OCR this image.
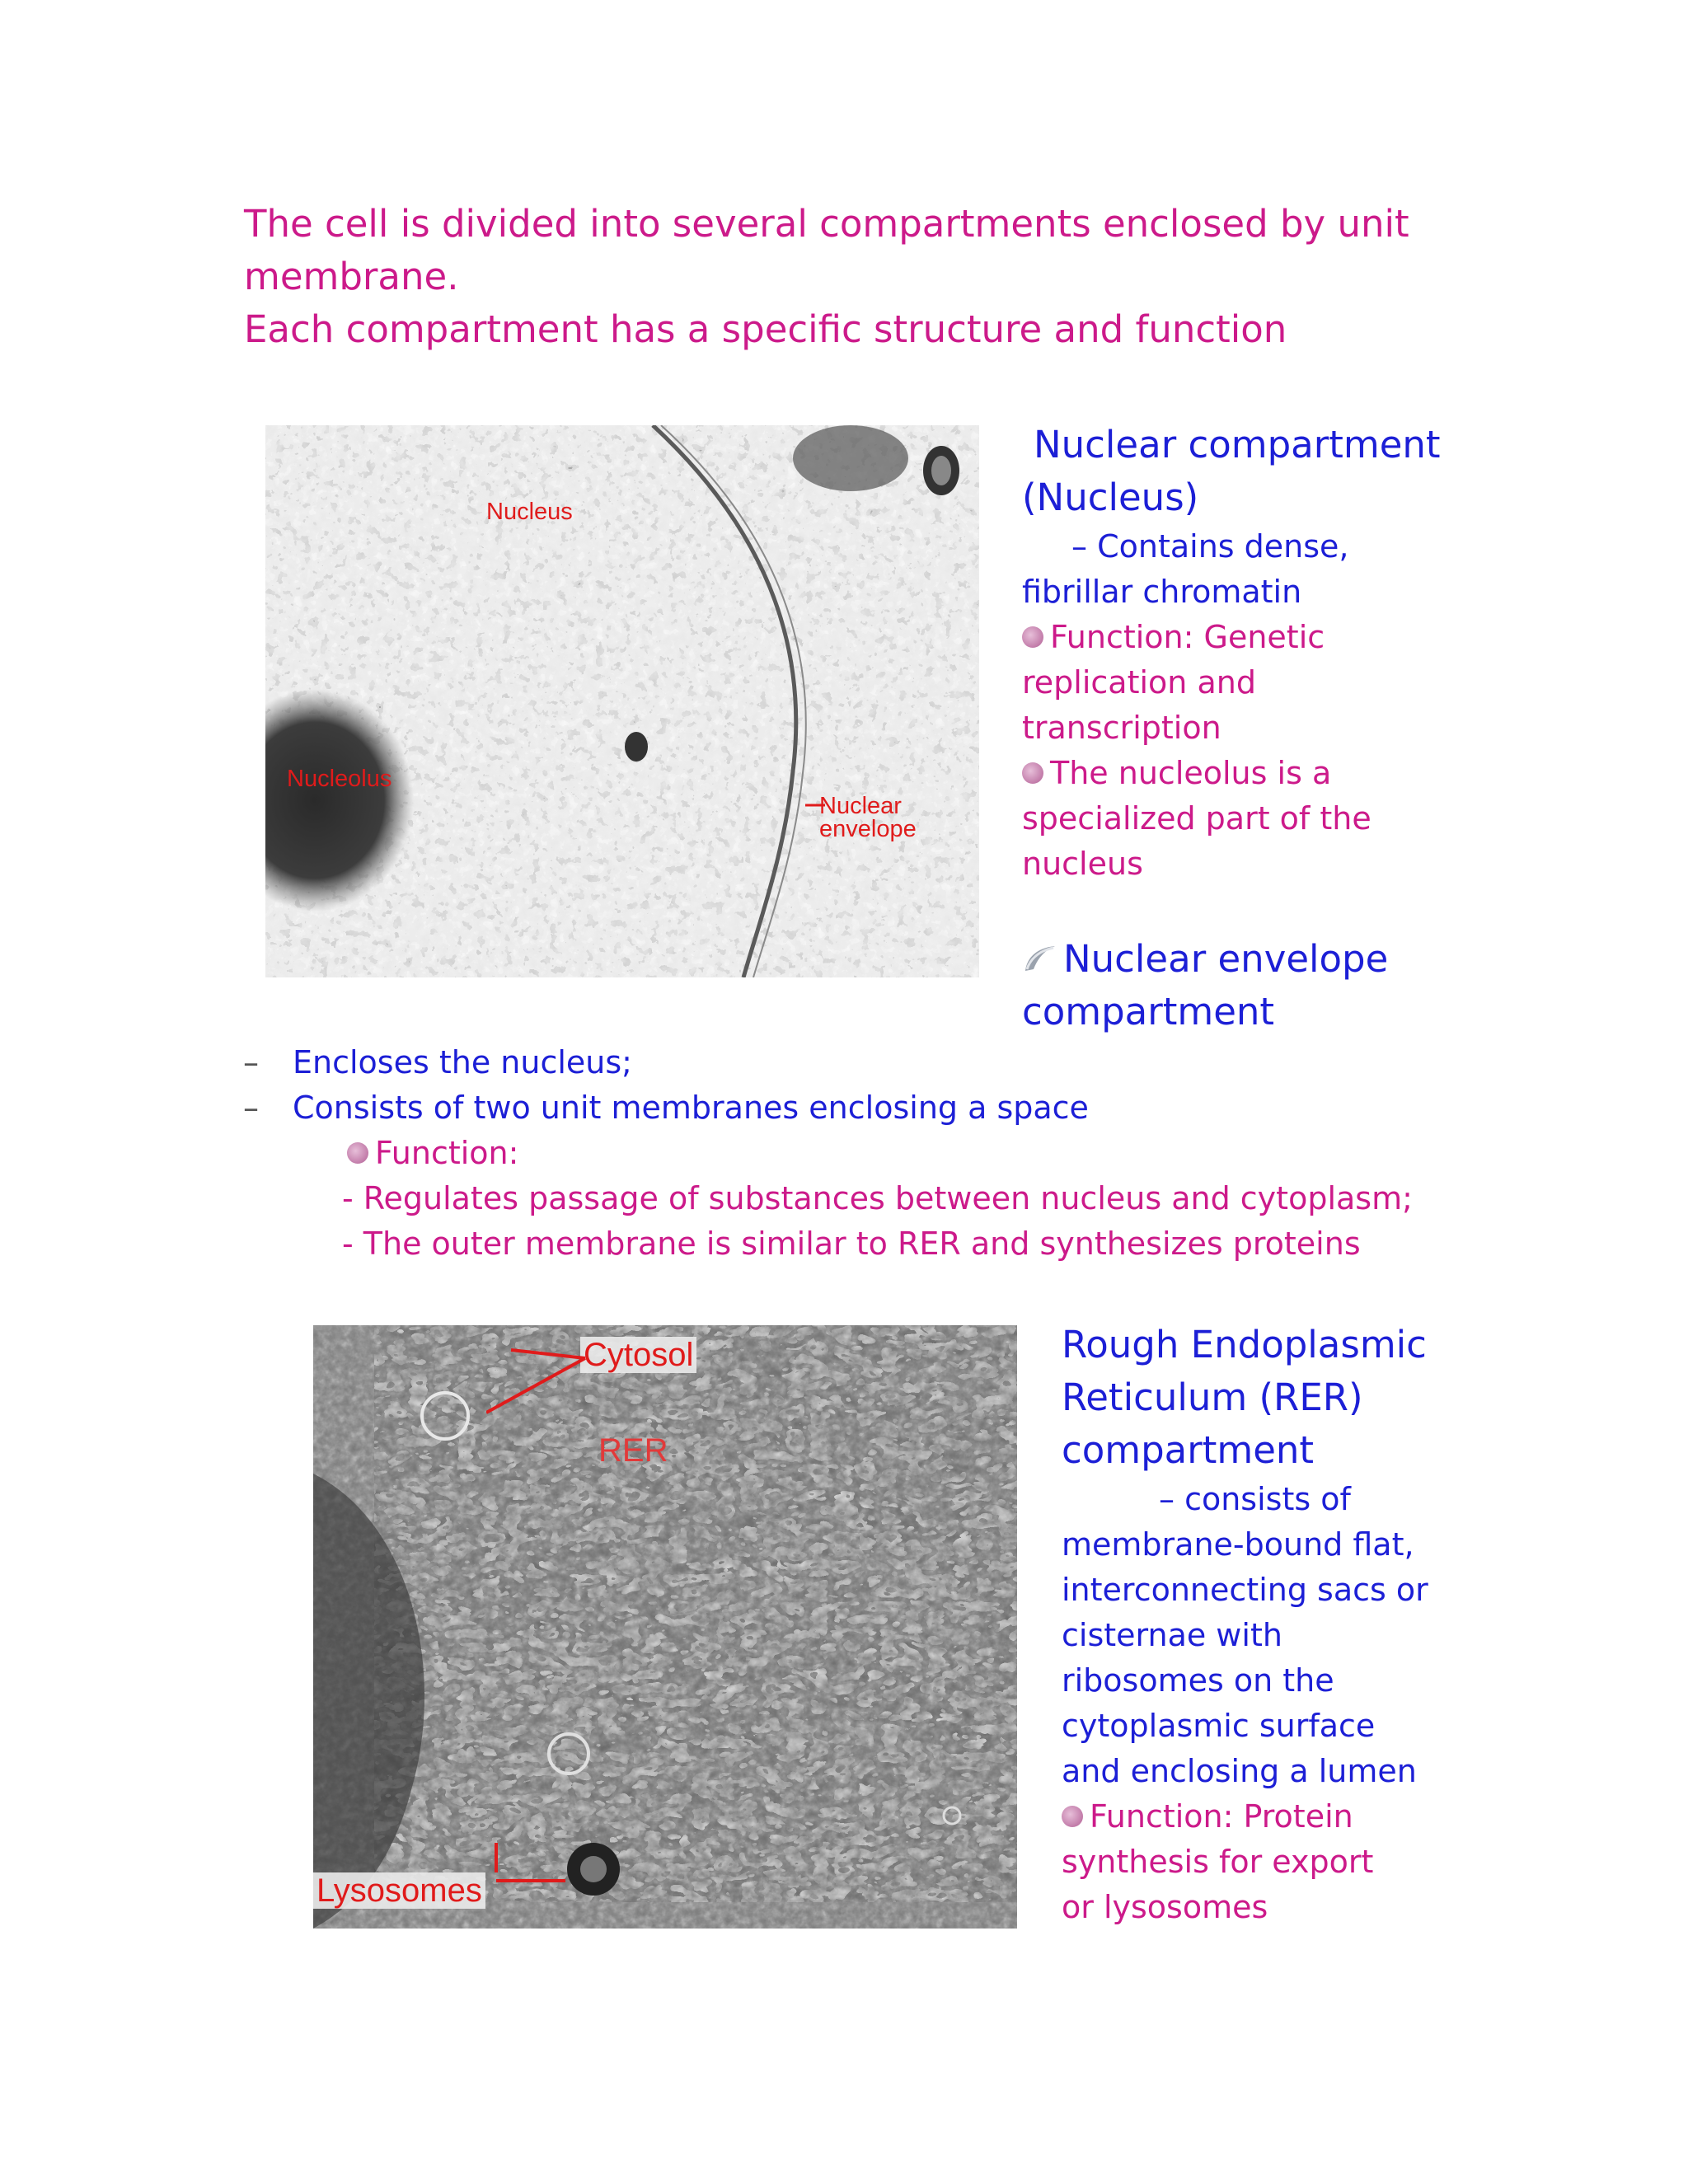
The cell is divided into several compartments enclosed by unit
membrane.
Each compartment has a specific structure and function
Nucleus
Nucleolus
Nuclear
envelope
Nuclear compartment
(Nucleus)
– Contains dense,
fibrillar chromatin
Function: Genetic
replication and
transcription
The nucleolus is a
specialized part of the
nucleus
Nuclear envelope
compartment
–	Encloses the nucleus;
–	Consists of two unit membranes enclosing a space
Function:
- Regulates passage of substances between nucleus and cytoplasm;
- The outer membrane is similar to RER and synthesizes proteins
Cytosol
RER
Lysosomes
Rough Endoplasmic
Reticulum (RER)
compartment
– consists of
membrane-bound flat,
interconnecting sacs or
cisternae with
ribosomes on the
cytoplasmic surface
and enclosing a lumen
Function: Protein
synthesis for export
or lysosomes
